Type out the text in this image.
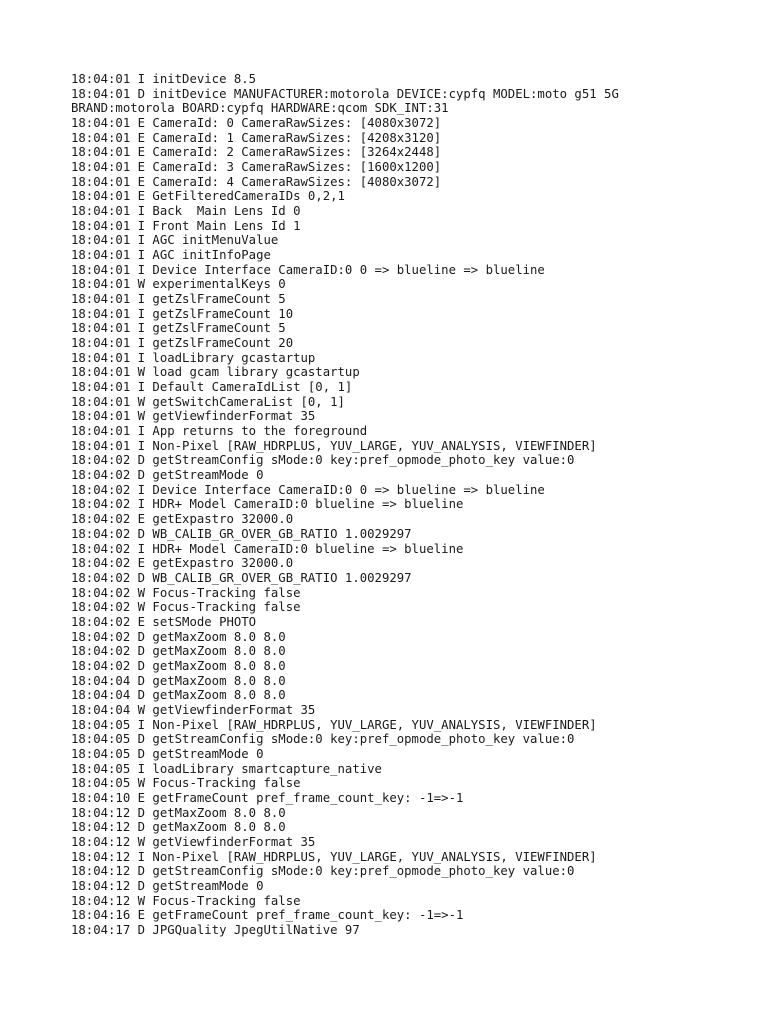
18:04:01 I initDevice 8.5
18:04:01 D initDevice MANUFACTURER:motorola DEVICE:cypfq MODEL:moto g51 5G
BRAND:motorola BOARD:cypfq HARDWARE:qcom SDK_INT:31
18:04:01 E CameraId: 0 CameraRawSizes: [4080x3072]
18:04:01 E CameraId: 1 CameraRawSizes: [4208x3120]
18:04:01 E CameraId: 2 CameraRawSizes: [3264x2448]
18:04:01 E CameraId: 3 CameraRawSizes: [1600x1200]
18:04:01 E CameraId: 4 CameraRawSizes: [4080x3072]
18:04:01 E GetFilteredCameraIDs 0,2,1
18:04:01 I Back  Main Lens Id 0
18:04:01 I Front Main Lens Id 1
18:04:01 I AGC initMenuValue
18:04:01 I AGC initInfoPage
18:04:01 I Device Interface CameraID:0 0 => blueline => blueline
18:04:01 W experimentalKeys 0
18:04:01 I getZslFrameCount 5
18:04:01 I getZslFrameCount 10
18:04:01 I getZslFrameCount 5
18:04:01 I getZslFrameCount 20
18:04:01 I loadLibrary gcastartup
18:04:01 W load gcam library gcastartup
18:04:01 I Default CameraIdList [0, 1]
18:04:01 W getSwitchCameraList [0, 1]
18:04:01 W getViewfinderFormat 35
18:04:01 I App returns to the foreground
18:04:01 I Non-Pixel [RAW_HDRPLUS, YUV_LARGE, YUV_ANALYSIS, VIEWFINDER]
18:04:02 D getStreamConfig sMode:0 key:pref_opmode_photo_key value:0
18:04:02 D getStreamMode 0
18:04:02 I Device Interface CameraID:0 0 => blueline => blueline
18:04:02 I HDR+ Model CameraID:0 blueline => blueline
18:04:02 E getExpastro 32000.0
18:04:02 D WB_CALIB_GR_OVER_GB_RATIO 1.0029297
18:04:02 I HDR+ Model CameraID:0 blueline => blueline
18:04:02 E getExpastro 32000.0
18:04:02 D WB_CALIB_GR_OVER_GB_RATIO 1.0029297
18:04:02 W Focus-Tracking false
18:04:02 W Focus-Tracking false
18:04:02 E setSMode PHOTO
18:04:02 D getMaxZoom 8.0 8.0
18:04:02 D getMaxZoom 8.0 8.0
18:04:02 D getMaxZoom 8.0 8.0
18:04:04 D getMaxZoom 8.0 8.0
18:04:04 D getMaxZoom 8.0 8.0
18:04:04 W getViewfinderFormat 35
18:04:05 I Non-Pixel [RAW_HDRPLUS, YUV_LARGE, YUV_ANALYSIS, VIEWFINDER]
18:04:05 D getStreamConfig sMode:0 key:pref_opmode_photo_key value:0
18:04:05 D getStreamMode 0
18:04:05 I loadLibrary smartcapture_native
18:04:05 W Focus-Tracking false
18:04:10 E getFrameCount pref_frame_count_key: -1=>-1
18:04:12 D getMaxZoom 8.0 8.0
18:04:12 D getMaxZoom 8.0 8.0
18:04:12 W getViewfinderFormat 35
18:04:12 I Non-Pixel [RAW_HDRPLUS, YUV_LARGE, YUV_ANALYSIS, VIEWFINDER]
18:04:12 D getStreamConfig sMode:0 key:pref_opmode_photo_key value:0
18:04:12 D getStreamMode 0
18:04:12 W Focus-Tracking false
18:04:16 E getFrameCount pref_frame_count_key: -1=>-1
18:04:17 D JPGQuality JpegUtilNative 97
